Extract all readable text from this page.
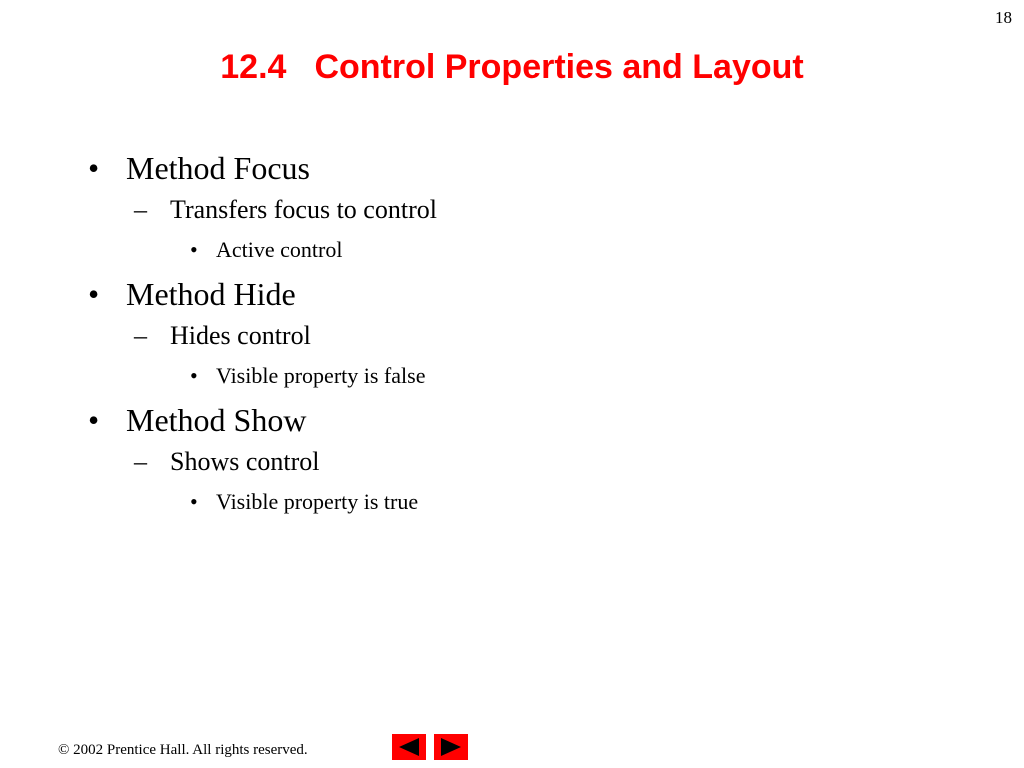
18
12.4 Control Properties and Layout
• Method Focus
– Transfers focus to control
• Active control
• Method Hide
– Hides control
• Visible property is false
• Method Show
– Shows control
• Visible property is true
© 2002 Prentice Hall. All rights reserved.
